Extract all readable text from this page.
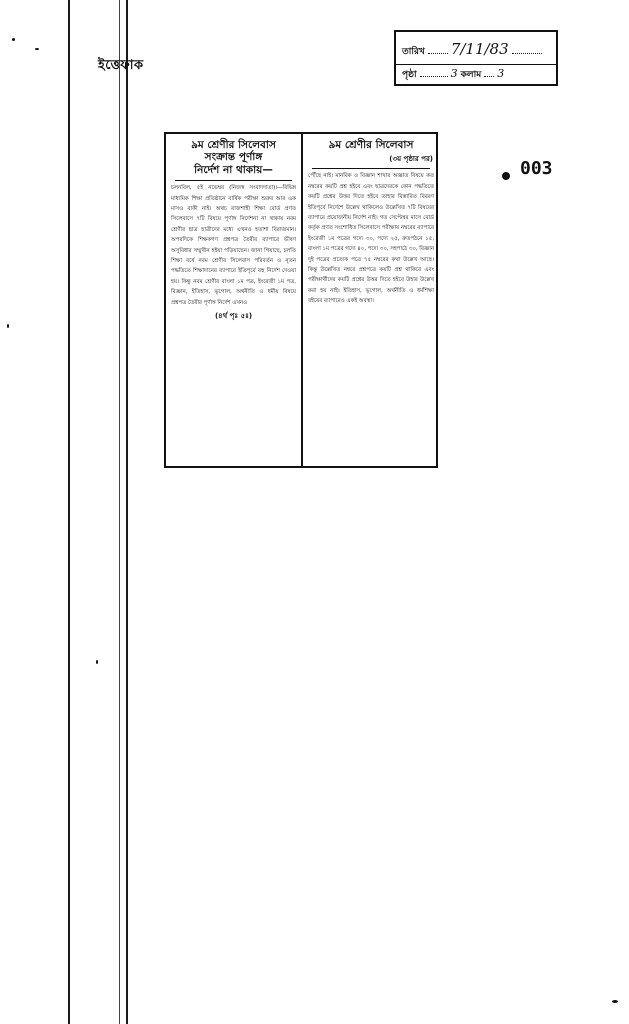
ইত্তেফাক
তারিখ 7/11/83
পৃষ্ঠা	3 কলাম 3
003
৯ম শ্রেণীর সিলেবাস
সংক্রান্ত পূর্ণাঙ্গ
নির্দেশ না থাকায়—
চলনবিল, ৫ই নভেম্বর (নিজস্ব সংবাদদাতা)।—বিভিন্ন মাধ্যমিক শিক্ষা প্রতিষ্ঠানে বার্ষিক পরীক্ষা শুরুর আর এক মাসও বাকী নাই। অথচ রাজশাহী শিক্ষা বোর্ড প্রণত সিলেবাসে ৭টি বিষয়ে পূর্ণাঙ্গ নির্দেশনা না থাকায় নবম শ্রেণীর ছাত্র ছাত্রীদের মধ্যে এখনও হতাশা বিরাজমান। অপরদিকে শিক্ষকগণ প্রশ্নপত্র তৈরীর ব্যাপারে ভীষণ অসুবিধার সম্মুখীন হইয়া পড়িয়াছেন। জানা গিয়াছে, চলতি শিক্ষা বর্ষে নবম শ্রেণীর সিলেবাস পরিবর্তন ও নূতন পদ্ধতিতে শিক্ষাদানের ব্যাপারে ইতিপূর্বে বহু নির্দেশ দেওয়া হয়। কিন্তু নবম শ্রেণীর বাংলা ১ম পত্র, ইংরেজী ১ম পত্র, বিজ্ঞান, ইতিহাস, ভূগোল, অর্থনীতি ও ধর্মীয় বিষয়ে প্রশ্নপত্র তৈরীর পূর্ণাঙ্গ নির্দেশ এখনও
(৪র্থ পৃঃ ৫ঃ)
৯ম শ্রেণীর সিলেবাস
(৩য় পৃষ্ঠার পর)
পৌঁছে নাই। মানবিক ও বিজ্ঞান শাখার অজ্ঞাত বিষয়ে কত নম্বরের কয়টি প্রশ্ন হইবে এবং ছাত্রদেরকে কোন পদ্ধতিতে কয়টি প্রশ্নের উত্তর দিতে হইবে তাহার বিস্তারিত বিবরণ ইতিপূর্বে নির্দেশে উল্লেখ থাকিলেও উল্লেখিত ৭টি বিষয়ের ব্যাপারে প্রয়োজনীয় নির্দেশ নাই। গত সেপ্টেম্বর মাসে বোর্ড কর্তৃক প্রণত সংশোধিত সিলেবাসে পরীক্ষায় নম্বরের ব্যাপারে ইংরেজী ১ম পত্রের গদ্যে ৩০, পদ্যে ২৫, রুতপঠনে ১৫, বাংলা ১ম পত্রের গদ্যে ৪০, পদ্যে ৩০, সহপাঠে ৩০, বিজ্ঞান দুই পত্রের প্রত্যেক পত্রে ৭৫ নম্বরের কথা উল্লেখ আছে। কিন্তু উল্লেখিত নম্বরে প্রশ্নপত্রে কয়টি প্রশ্ন থাকিবে এবং পরীক্ষার্থীদের কয়টি প্রশ্নের উত্তর দিতে হইবে উহার উল্লেখ করা হয় নাই। ইতিহাস, ভূগোল, অর্থনীতি ও ধর্মশিক্ষা বইয়ের ব্যাপারেও একই অবস্থা।
